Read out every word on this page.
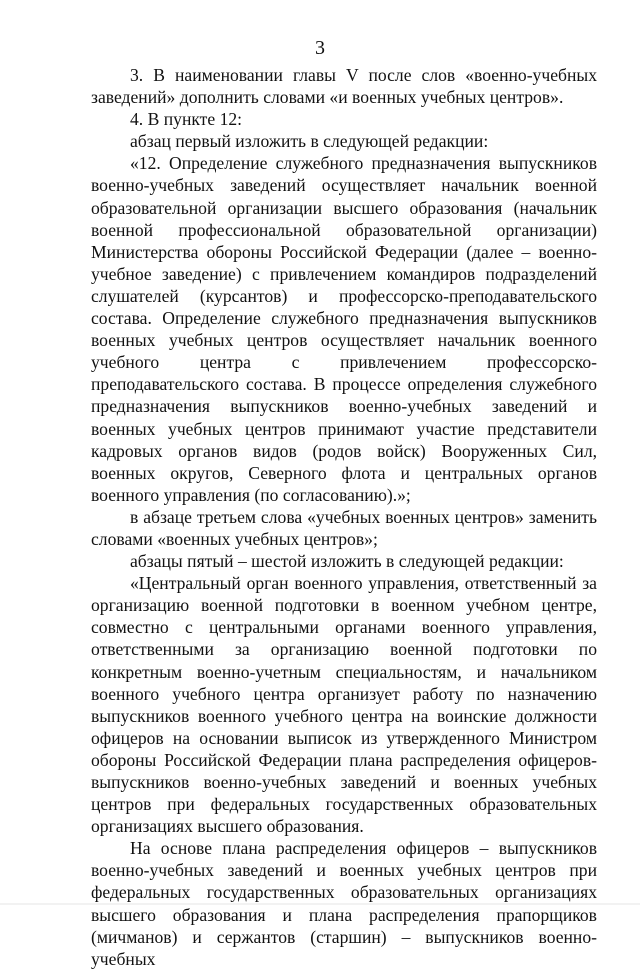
3

3. В наименовании главы V после слов «военно-учебных заведений» дополнить словами «и военных учебных центров».

4. В пункте 12:

абзац первый изложить в следующей редакции:

«12. Определение служебного предназначения выпускников военно-учебных заведений осуществляет начальник военной образовательной организации высшего образования (начальник военной профессиональной образовательной организации) Министерства обороны Российской Федерации (далее – военно-учебное заведение) с привлечением командиров подразделений слушателей (курсантов) и профессорско-преподавательского состава. Определение служебного предназначения выпускников военных учебных центров осуществляет начальник военного учебного центра с привлечением профессорско-преподавательского состава. В процессе определения служебного предназначения выпускников военно-учебных заведений и военных учебных центров принимают участие представители кадровых органов видов (родов войск) Вооруженных Сил, военных округов, Северного флота и центральных органов военного управления (по согласованию).»;

в абзаце третьем слова «учебных военных центров» заменить словами «военных учебных центров»;

абзацы пятый – шестой изложить в следующей редакции:

«Центральный орган военного управления, ответственный за организацию военной подготовки в военном учебном центре, совместно с центральными органами военного управления, ответственными за организацию военной подготовки по конкретным военно-учетным специальностям, и начальником военного учебного центра организует работу по назначению выпускников военного учебного центра на воинские должности офицеров на основании выписок из утвержденного Министром обороны Российской Федерации плана распределения офицеров-выпускников военно-учебных заведений и военных учебных центров при федеральных государственных образовательных организациях высшего образования.

На основе плана распределения офицеров – выпускников военно-учебных заведений и военных учебных центров при федеральных государственных образовательных организациях высшего образования и плана распределения прапорщиков (мичманов) и сержантов (старшин) – выпускников военно-учебных
